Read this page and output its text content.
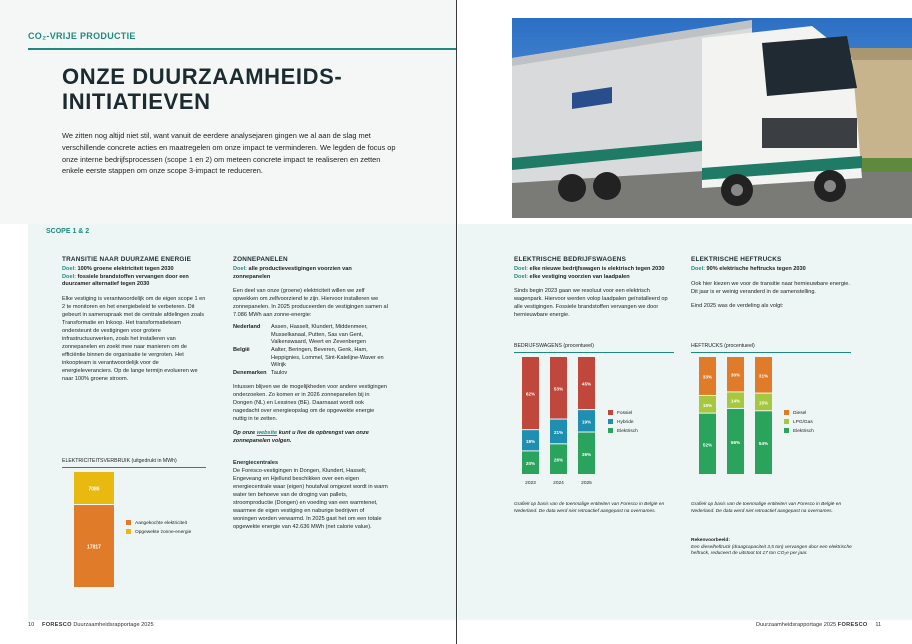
CO₂-VRIJE PRODUCTIE
ONZE DUURZAAMHEIDS-INITIATIEVEN
We zitten nog altijd niet stil, want vanuit de eerdere analysejaren gingen we al aan de slag met verschillende concrete acties en maatregelen om onze impact te verminderen. We legden de focus op onze interne bedrijfsprocessen (scope 1 en 2) om meteen concrete impact te realiseren en zetten enkele eerste stappen om onze scope 3-impact te reduceren.
SCOPE 1 & 2
TRANSITIE NAAR DUURZAME ENERGIE
Doel: 100% groene elektriciteit tegen 2030
Doel: fossiele brandstoffen vervangen door een duurzamer alternatief tegen 2030
Elke vestiging is verantwoordelijk om de eigen scope 1 en 2 te monitoren en het energiebeleid te verbeteren. Dit gebeurt in samenspraak met de centrale afdelingen zoals Transformatie en Inkoop. Het transformatieteam ondersteunt de vestigingen voor grotere infrastructuurwerken, zoals het installeren van zonnepanelen en zoekt mee naar manieren om de efficiëntie binnen de organisatie te vergroten. Het inkoopteam is verantwoordelijk voor de energieleveranciers. Op de lange termijn evolueren we naar 100% groene stroom.
ELEKTRICITEITSVERBRUIK (uitgedrukt in MWh)
17817
7086
Aangekochte elektriciteit
Opgewekte zonne-energie
ZONNEPANELEN
Doel: alle productievestigingen voorzien van zonnepanelen
Een deel van onze (groene) elektriciteit willen we zelf opwekken om zelfvoorziend te zijn. Hiervoor installeren we zonnepanelen. In 2025 produceerden de vestigingen samen al 7.086 MWh aan zonne-energie:
Nederland	Assen, Hasselt, Klundert, Middenmeer, Musselkanaal, Putten, Sas van Gent, Valkenswaard, Weert en Zevenbergen
België	Aalter, Beringen, Beveren, Genk, Ham, Heppignies, Lommel, Sint-Katelijne-Waver en Wilrijk
Denemarken	Taulov
Intussen blijven we de mogelijkheden voor andere vestigingen onderzoeken. Zo komen er in 2026 zonnepanelen bij in Dongen (NL) en Lessines (BE). Daarnaast wordt ook nagedacht over energieopslag om de opgewekte energie nuttig in te zetten.
Op onze website kunt u live de opbrengst van onze zonnepanelen volgen.
Energiecentrales
De Foresco-vestigingen in Dongen, Klundert, Hasselt, Engeveang en Hjellund beschikken over een eigen energiecentrale waar (eigen) houtafval omgezet wordt in warm water ten behoeve van de droging van pallets, stroomproductie (Dongen) en voeding van een warmtenet, waarmee de eigen vestiging en naburige bedrijven of woningen worden verwarmd. In 2025 gast het om een totale opgewekte energie van 42.636 MWh (net calorie value).
10 FORESCO Duurzaamheidsrapportage 2025
ELEKTRISCHE BEDRIJFSWAGENS
Doel: elke nieuwe bedrijfswagen is elektrisch tegen 2030
Doel: elke vestiging voorzien van laadpalen
Sinds begin 2023 gaan we resoluut voor een elektrisch wagenpark. Hiervoor werden volop laadpalen geïnstalleerd op alle vestigingen. Fossiele brandstoffen vervangen we door hernieuwbare energie.
BEDRIJFSWAGENS (procentueel)
20%
18%
62%
2023
26%
21%
53%
2024
36%
19%
45%
2025
Fossiel
Hybride
Elektrisch
Grafiek op basis van de toenmalige entiteiten van Foresco in België en Nederland. De data werd niet retroactief aangepast na overnames.
ELEKTRISCHE HEFTRUCKS
Doel: 90% elektrische heftrucks tegen 2030
Ook hier kiezen we voor de transitie naar hernieuwbare energie. Dit jaar is er weinig veranderd in de samenstelling.
Eind 2025 was de verdeling als volgt:
HEFTRUCKS (procentueel)
52%
15%
33%
56%
14%
30%
54%
15%
31%
Diesel
LPG/Gas
Elektrisch
Grafiek op basis van de toenmalige entiteiten van Foresco in België en Nederland. De data werd niet retroactief aangepast na overnames.
Rekenvoorbeeld:
Een dieselheftruck (draagcapaciteit 3,5 ton) vervangen door een elektrische heftruck, reduceert de uitstoot tot 17 ton CO₂e per jaar.
Duurzaamheidsrapportage 2025 FORESCO 11
